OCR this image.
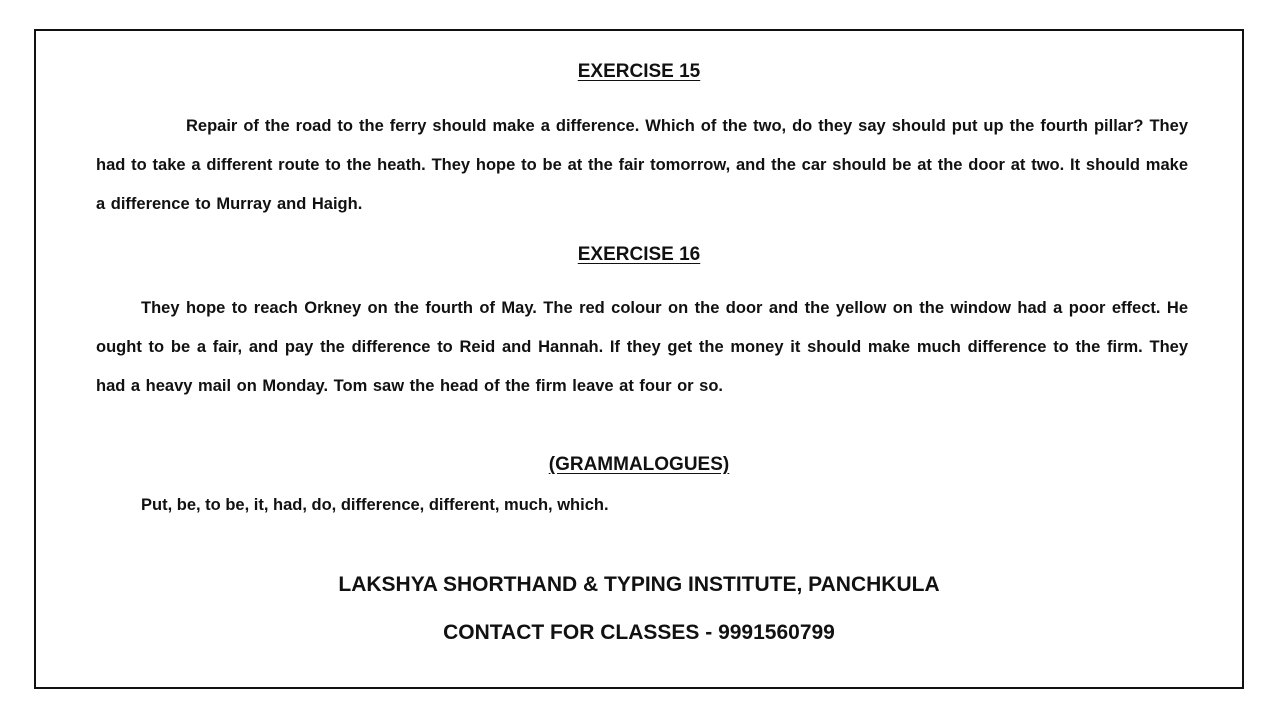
EXERCISE 15

Repair of the road to the ferry should make a difference. Which of the two, do they say should put up the fourth pillar? They had to take a different route to the heath. They hope to be at the fair tomorrow, and the car should be at the door at two. It should make a difference to Murray and Haigh.

EXERCISE 16

They hope to reach Orkney on the fourth of May. The red colour on the door and the yellow on the window had a poor effect. He ought to be a fair, and pay the difference to Reid and Hannah. If they get the money it should make much difference to the firm. They had a heavy mail on Monday. Tom saw the head of the firm leave at four or so.

(GRAMMALOGUES)

Put, be, to be, it, had, do, difference, different, much, which.

LAKSHYA SHORTHAND & TYPING INSTITUTE, PANCHKULA

CONTACT FOR CLASSES - 9991560799
